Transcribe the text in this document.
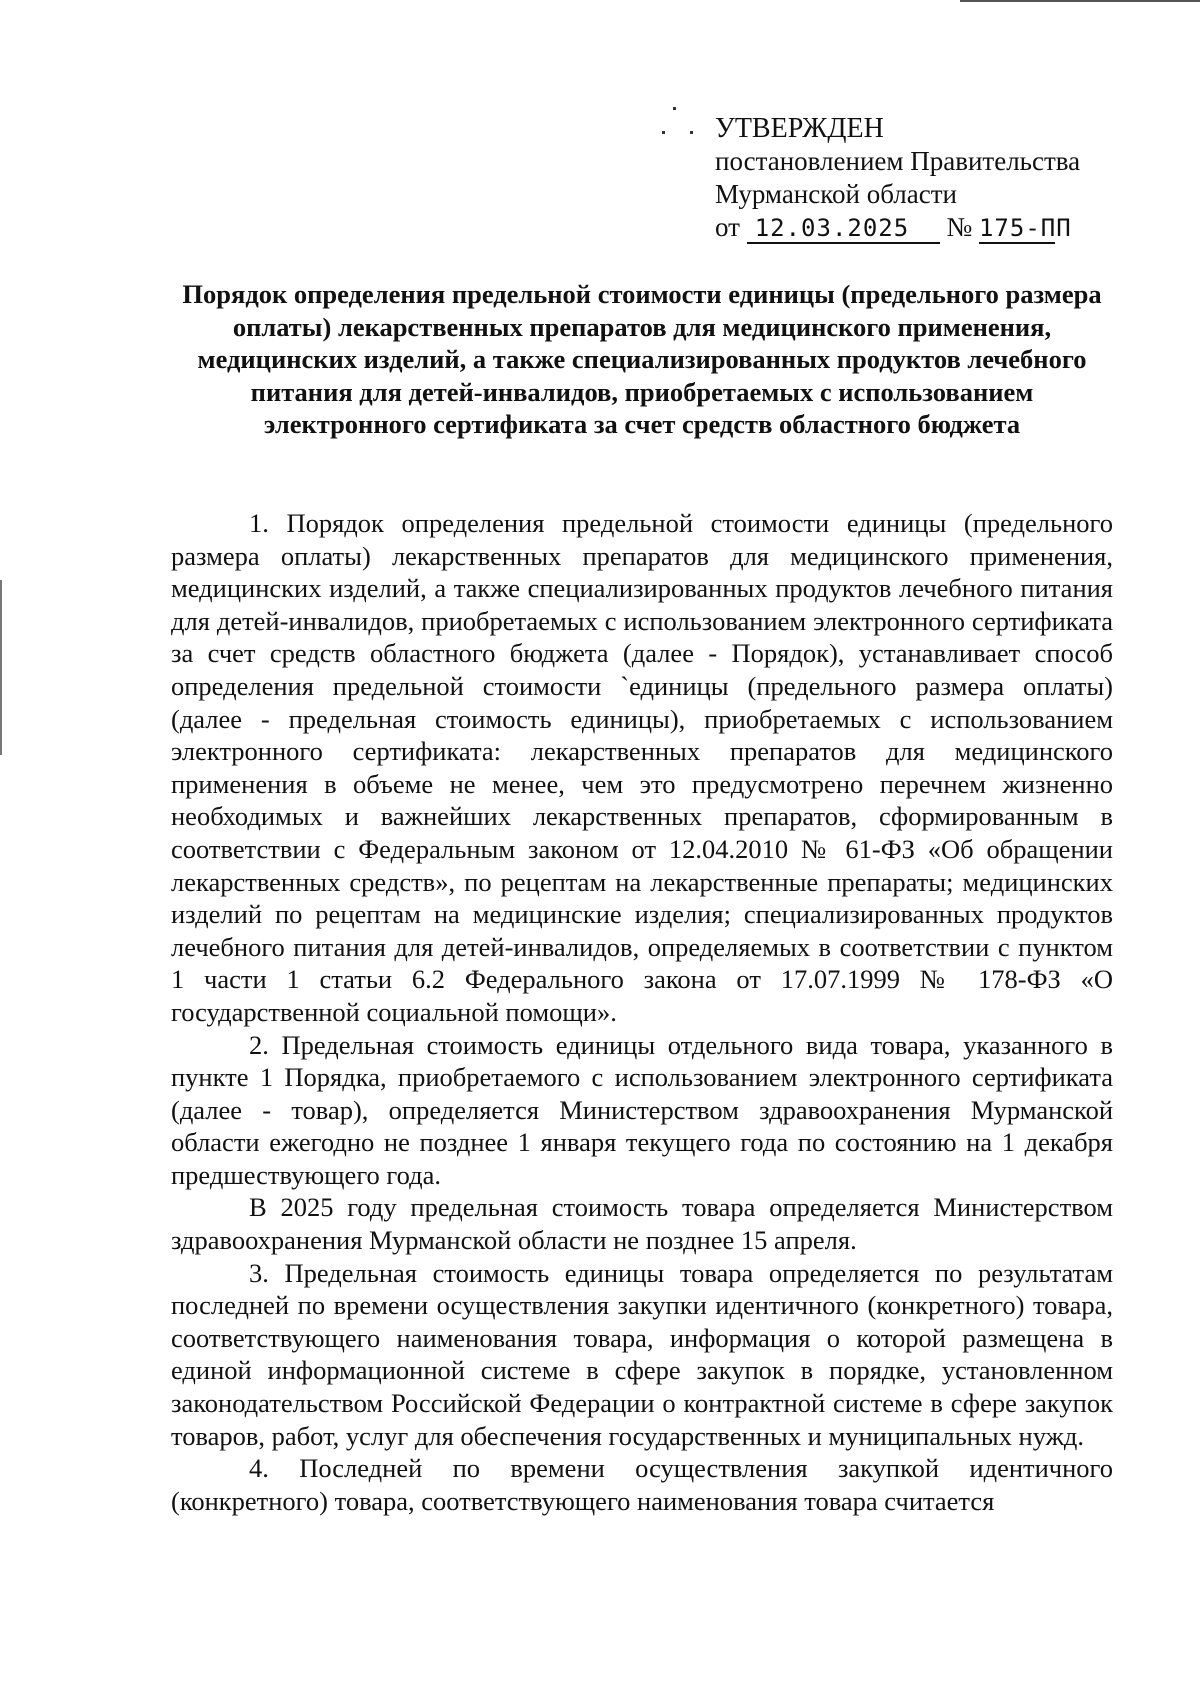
УТВЕРЖДЕН
постановлением Правительства
Мурманской области
от 12.03.2025 № 175-ПП
Порядок определения предельной стоимости единицы (предельного размера оплаты) лекарственных препаратов для медицинского применения, медицинских изделий, а также специализированных продуктов лечебного питания для детей-инвалидов, приобретаемых с использованием электронного сертификата за счет средств областного бюджета

1. Порядок определения предельной стоимости единицы (предельного размера оплаты) лекарственных препаратов для медицинского применения, медицинских изделий, а также специализированных продуктов лечебного питания для детей-инвалидов, приобретаемых с использованием электронного сертификата за счет средств областного бюджета (далее - Порядок), устанавливает способ определения предельной стоимости `единицы (предельного размера оплаты) (далее - предельная стоимость единицы), приобретаемых с использованием электронного сертификата: лекарственных препаратов для медицинского применения в объеме не менее, чем это предусмотрено перечнем жизненно необходимых и важнейших лекарственных препаратов, сформированным в соответствии с Федеральным законом от 12.04.2010 № 61-ФЗ «Об обращении лекарственных средств», по рецептам на лекарственные препараты; медицинских изделий по рецептам на медицинские изделия; специализированных продуктов лечебного питания для детей-инвалидов, определяемых в соответствии с пунктом 1 части 1 статьи 6.2 Федерального закона от 17.07.1999 № 178-ФЗ «О государственной социальной помощи».

2. Предельная стоимость единицы отдельного вида товара, указанного в пункте 1 Порядка, приобретаемого с использованием электронного сертификата (далее - товар), определяется Министерством здравоохранения Мурманской области ежегодно не позднее 1 января текущего года по состоянию на 1 декабря предшествующего года.

В 2025 году предельная стоимость товара определяется Министерством здравоохранения Мурманской области не позднее 15 апреля.

3. Предельная стоимость единицы товара определяется по результатам последней по времени осуществления закупки идентичного (конкретного) товара, соответствующего наименования товара, информация о которой размещена в единой информационной системе в сфере закупок в порядке, установленном законодательством Российской Федерации о контрактной системе в сфере закупок товаров, работ, услуг для обеспечения государственных и муниципальных нужд.

4. Последней по времени осуществления закупкой идентичного (конкретного) товара, соответствующего наименования товара считается
